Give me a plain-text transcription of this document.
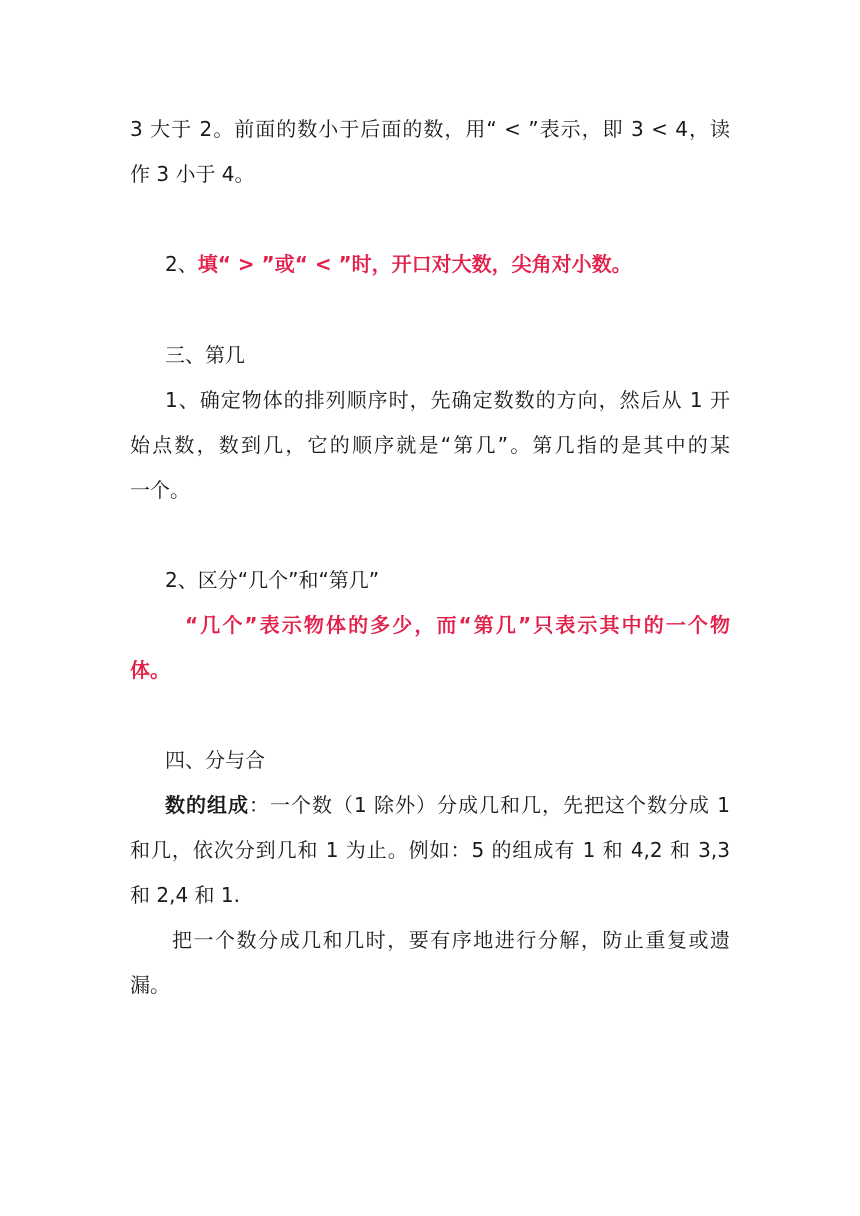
3 大于 2。前面的数小于后面的数，用“ < ”表示，即 3 < 4，读
作 3 小于 4。
2、填“ > ”或“ < ”时，开口对大数，尖角对小数。
三、第几
1、确定物体的排列顺序时，先确定数数的方向，然后从 1 开
始点数，数到几，它的顺序就是“第几”。第几指的是其中的某
一个。
2、区分“几个”和“第几”
“几个”表示物体的多少，而“第几”只表示其中的一个物
体。
四、分与合
数的组成：一个数（1 除外）分成几和几，先把这个数分成 1
和几，依次分到几和 1 为止。例如：5 的组成有 1 和 4,2 和 3,3
和 2,4 和 1.
把一个数分成几和几时，要有序地进行分解，防止重复或遗
漏。
